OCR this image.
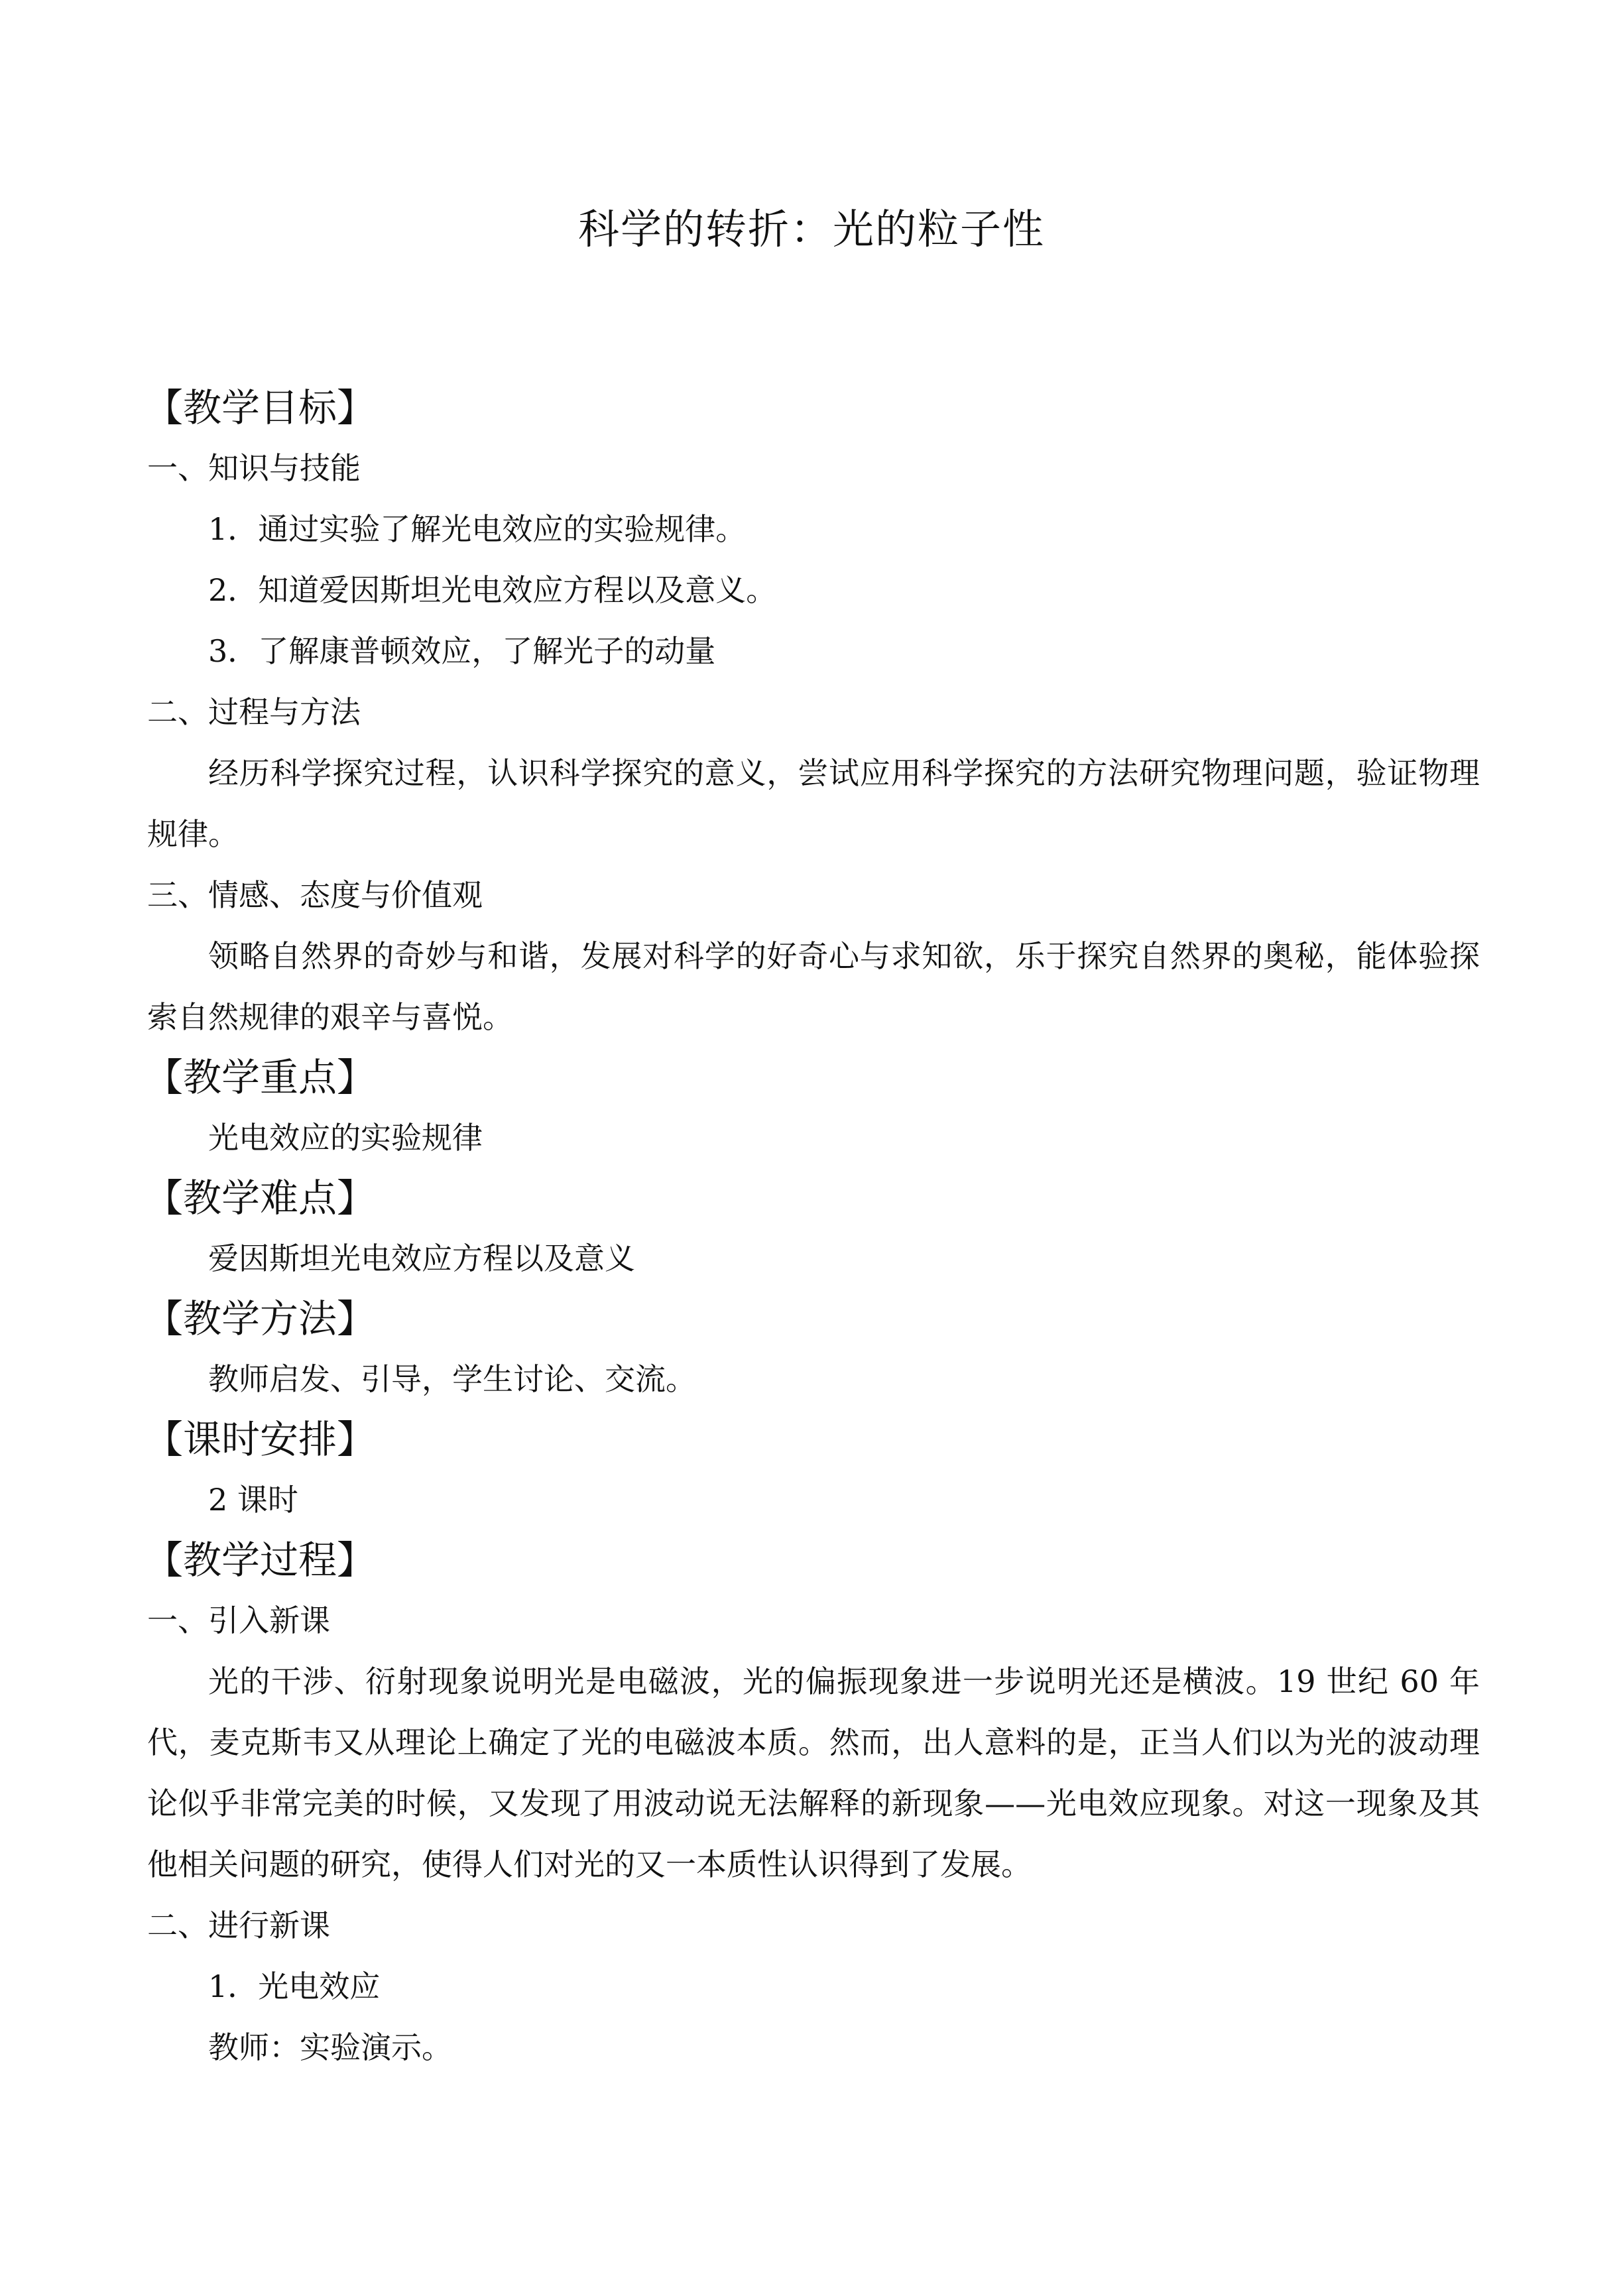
科学的转折：光的粒子性
【教学目标】
一、知识与技能
1．通过实验了解光电效应的实验规律。
2．知道爱因斯坦光电效应方程以及意义。
3．了解康普顿效应，了解光子的动量
二、过程与方法
经历科学探究过程，认识科学探究的意义，尝试应用科学探究的方法研究物理问题，验证物理规律。
三、情感、态度与价值观
领略自然界的奇妙与和谐，发展对科学的好奇心与求知欲，乐于探究自然界的奥秘，能体验探索自然规律的艰辛与喜悦。
【教学重点】
光电效应的实验规律
【教学难点】
爱因斯坦光电效应方程以及意义
【教学方法】
教师启发、引导，学生讨论、交流。
【课时安排】
2 课时
【教学过程】
一、引入新课
光的干涉、衍射现象说明光是电磁波，光的偏振现象进一步说明光还是横波。19 世纪 60 年代，麦克斯韦又从理论上确定了光的电磁波本质。然而，出人意料的是，正当人们以为光的波动理论似乎非常完美的时候，又发现了用波动说无法解释的新现象——光电效应现象。对这一现象及其他相关问题的研究，使得人们对光的又一本质性认识得到了发展。
二、进行新课
1．光电效应
教师：实验演示。
